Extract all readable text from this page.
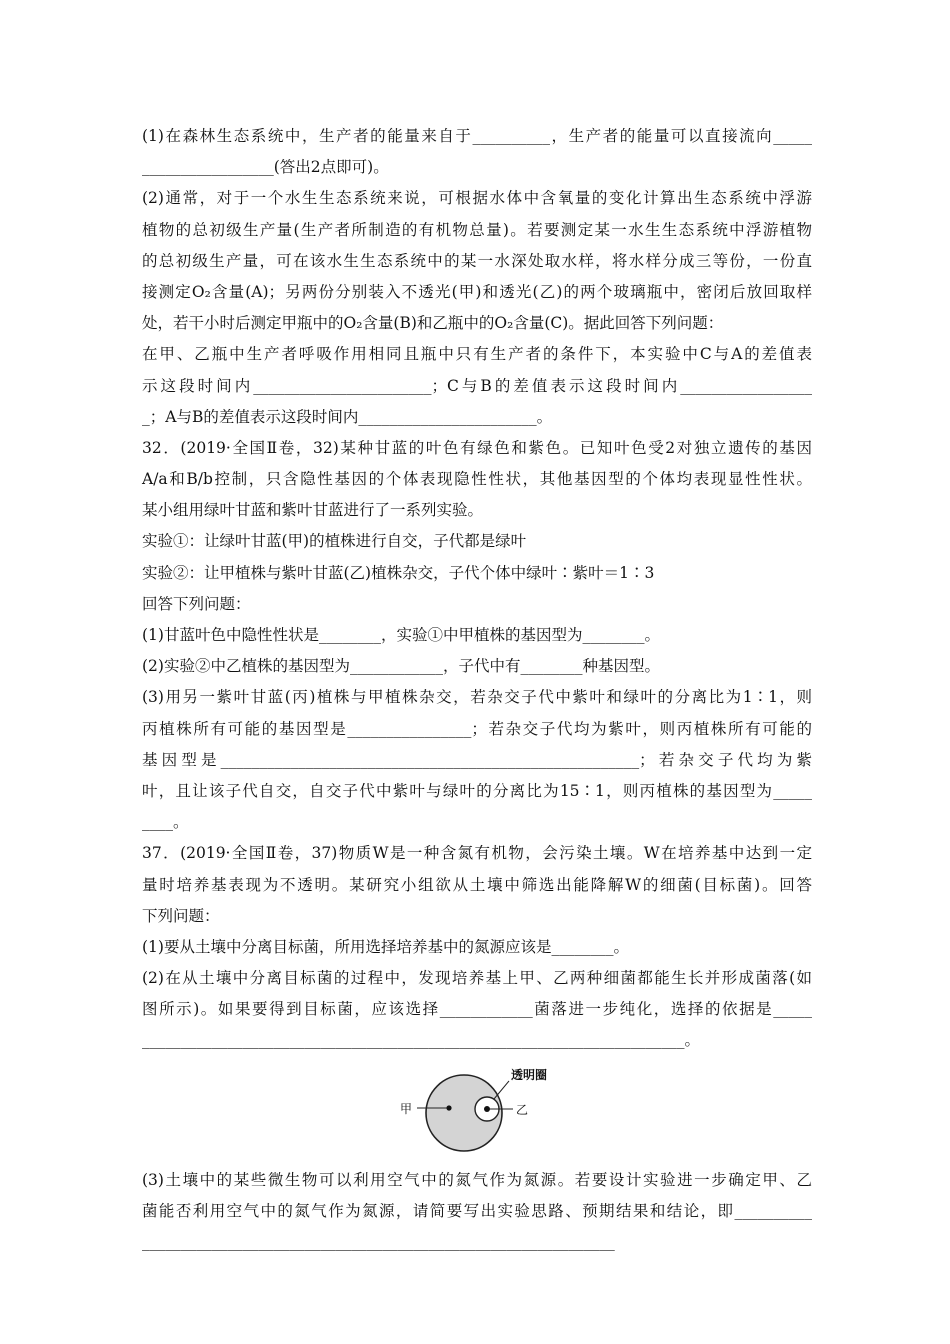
(1)在森林生态系统中，生产者的能量来自于__________，生产者的能量可以直接流向_____
_________________(答出2点即可)。
(2)通常，对于一个水生生态系统来说，可根据水体中含氧量的变化计算出生态系统中浮游
植物的总初级生产量(生产者所制造的有机物总量)。若要测定某一水生生态系统中浮游植物
的总初级生产量，可在该水生生态系统中的某一水深处取水样，将水样分成三等份，一份直
接测定O₂含量(A)；另两份分别装入不透光(甲)和透光(乙)的两个玻璃瓶中，密闭后放回取样
处，若干小时后测定甲瓶中的O₂含量(B)和乙瓶中的O₂含量(C)。据此回答下列问题：
在甲、乙瓶中生产者呼吸作用相同且瓶中只有生产者的条件下，本实验中C与A的差值表
示这段时间内_______________________；C与B的差值表示这段时间内_________________
_；A与B的差值表示这段时间内_______________________。
32．(2019·全国Ⅱ卷，32)某种甘蓝的叶色有绿色和紫色。已知叶色受2对独立遗传的基因
A/a和B/b控制，只含隐性基因的个体表现隐性性状，其他基因型的个体均表现显性性状。
某小组用绿叶甘蓝和紫叶甘蓝进行了一系列实验。
实验①：让绿叶甘蓝(甲)的植株进行自交，子代都是绿叶
实验②：让甲植株与紫叶甘蓝(乙)植株杂交，子代个体中绿叶∶紫叶＝1∶3
回答下列问题：
(1)甘蓝叶色中隐性性状是________，实验①中甲植株的基因型为________。
(2)实验②中乙植株的基因型为____________，子代中有________种基因型。
(3)用另一紫叶甘蓝(丙)植株与甲植株杂交，若杂交子代中紫叶和绿叶的分离比为1∶1，则
丙植株所有可能的基因型是________________；若杂交子代均为紫叶，则丙植株所有可能的
基因型是______________________________________________________；若杂交子代均为紫
叶，且让该子代自交，自交子代中紫叶与绿叶的分离比为15∶1，则丙植株的基因型为_____
____。
37．(2019·全国Ⅱ卷，37)物质W是一种含氮有机物，会污染土壤。W在培养基中达到一定
量时培养基表现为不透明。某研究小组欲从土壤中筛选出能降解W的细菌(目标菌)。回答
下列问题：
(1)要从土壤中分离目标菌，所用选择培养基中的氮源应该是________。
(2)在从土壤中分离目标菌的过程中，发现培养基上甲、乙两种细菌都能生长并形成菌落(如
图所示)。如果要得到目标菌，应该选择____________菌落进一步纯化，选择的依据是_____
______________________________________________________________________。
甲	乙
透明圈
(3)土壤中的某些微生物可以利用空气中的氮气作为氮源。若要设计实验进一步确定甲、乙
菌能否利用空气中的氮气作为氮源，请简要写出实验思路、预期结果和结论，即__________
_____________________________________________________________
